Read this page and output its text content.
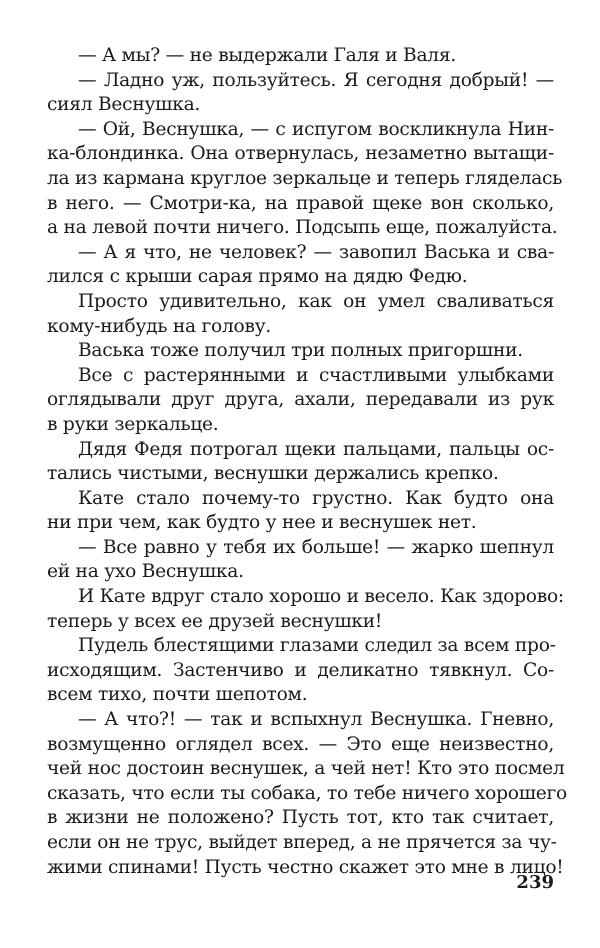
— А мы? — не выдержали Галя и Валя.
— Ладно уж, пользуйтесь. Я сегодня добрый! —
сиял Веснушка.
— Ой, Веснушка, — с испугом воскликнула Нин-
ка-блондинка. Она отвернулась, незаметно вытащи-
ла из кармана круглое зеркальце и теперь гляделась
в него. — Смотри-ка, на правой щеке вон сколько,
а на левой почти ничего. Подсыпь еще, пожалуйста.
— А я что, не человек? — завопил Васька и сва-
лился с крыши сарая прямо на дядю Федю.
Просто удивительно, как он умел сваливаться
кому-нибудь на голову.
Васька тоже получил три полных пригоршни.
Все с растерянными и счастливыми улыбками
оглядывали друг друга, ахали, передавали из рук
в руки зеркальце.
Дядя Федя потрогал щеки пальцами, пальцы ос-
тались чистыми, веснушки держались крепко.
Кате стало почему-то грустно. Как будто она
ни при чем, как будто у нее и веснушек нет.
— Все равно у тебя их больше! — жарко шепнул
ей на ухо Веснушка.
И Кате вдруг стало хорошо и весело. Как здорово:
теперь у всех ее друзей веснушки!
Пудель блестящими глазами следил за всем про-
исходящим. Застенчиво и деликатно тявкнул. Со-
всем тихо, почти шепотом.
— А что?! — так и вспыхнул Веснушка. Гневно,
возмущенно оглядел всех. — Это еще неизвестно,
чей нос достоин веснушек, а чей нет! Кто это посмел
сказать, что если ты собака, то тебе ничего хорошего
в жизни не положено? Пусть тот, кто так считает,
если он не трус, выйдет вперед, а не прячется за чу-
жими спинами! Пусть честно скажет это мне в лицо!
239
